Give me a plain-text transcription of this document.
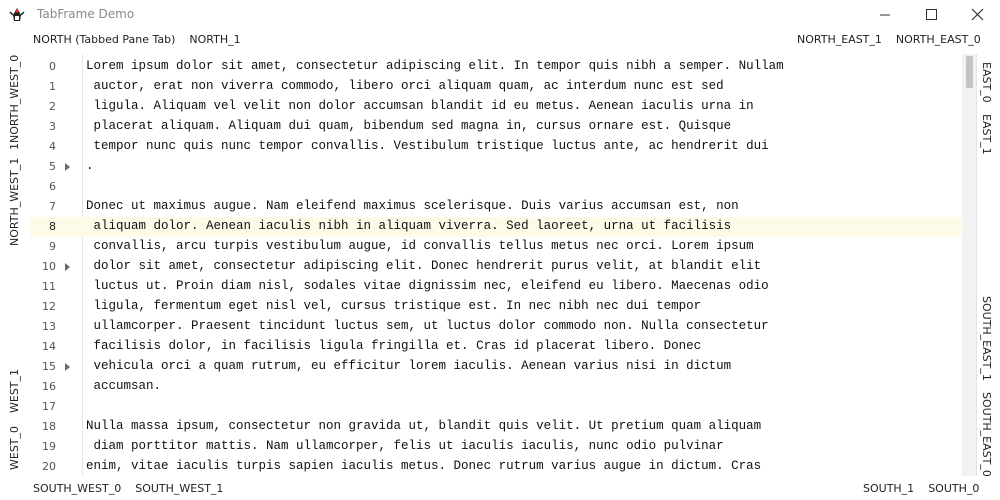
TabFrame Demo
NORTH (Tabbed Pane Tab) NORTH_1	NORTH_EAST_1 NORTH_EAST_0
1NORTH_WEST_0
NORTH_WEST_1
WEST_1
WEST_0
EAST_0
EAST_1
SOUTH_EAST_1
SOUTH_EAST_0
0 Lorem ipsum dolor sit amet, consectetur adipiscing elit. In tempor quis nibh a semper. Nullam
1 auctor, erat non viverra commodo, libero orci aliquam quam, ac interdum nunc est sed
2 ligula. Aliquam vel velit non dolor accumsan blandit id eu metus. Aenean iaculis urna in
3 placerat aliquam. Aliquam dui quam, bibendum sed magna in, cursus ornare est. Quisque
4 tempor nunc quis nunc tempor convallis. Vestibulum tristique luctus ante, ac hendrerit dui
5 .
6
7 Donec ut maximus augue. Nam eleifend maximus scelerisque. Duis varius accumsan est, non
8 aliquam dolor. Aenean iaculis nibh in aliquam viverra. Sed laoreet, urna ut facilisis
9 convallis, arcu turpis vestibulum augue, id convallis tellus metus nec orci. Lorem ipsum
10 dolor sit amet, consectetur adipiscing elit. Donec hendrerit purus velit, at blandit elit
11 luctus ut. Proin diam nisl, sodales vitae dignissim nec, eleifend eu libero. Maecenas odio
12 ligula, fermentum eget nisl vel, cursus tristique est. In nec nibh nec dui tempor
13 ullamcorper. Praesent tincidunt luctus sem, ut luctus dolor commodo non. Nulla consectetur
14 facilisis dolor, in facilisis ligula fringilla et. Cras id placerat libero. Donec
15 vehicula orci a quam rutrum, eu efficitur lorem iaculis. Aenean varius nisi in dictum
16 accumsan.
17
18 Nulla massa ipsum, consectetur non gravida ut, blandit quis velit. Ut pretium quam aliquam
19 diam porttitor mattis. Nam ullamcorper, felis ut iaculis iaculis, nunc odio pulvinar
20 enim, vitae iaculis turpis sapien iaculis metus. Donec rutrum varius augue in dictum. Cras
SOUTH_WEST_0 SOUTH_WEST_1	SOUTH_1 SOUTH_0
